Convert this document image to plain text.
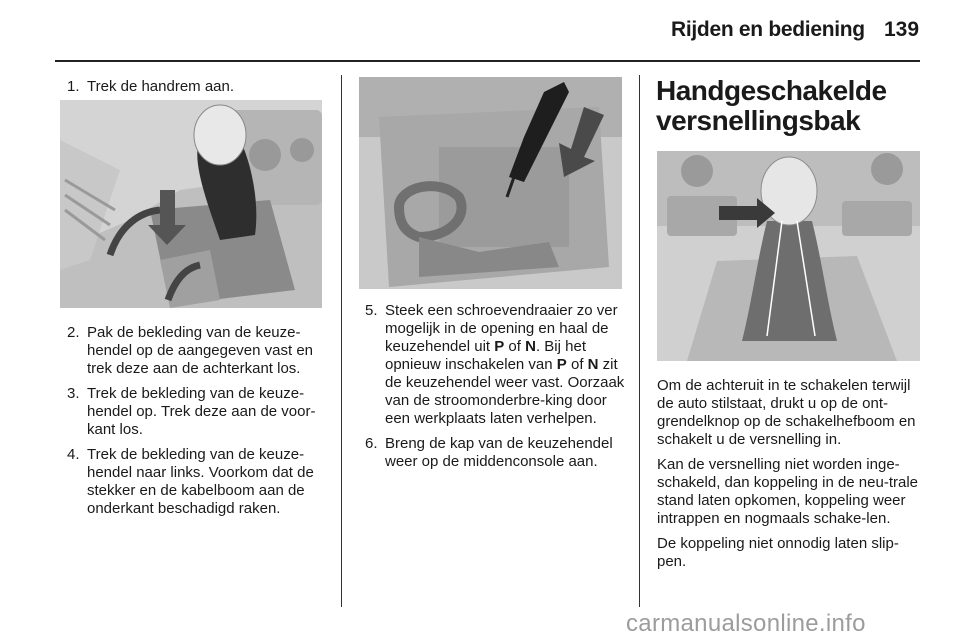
Rijden en bediening 139
1. Trek de handrem aan.
2. Pak de bekleding van de keuze-hendel op de aangegeven vast en trek deze aan de achterkant los.
3. Trek de bekleding van de keuze-hendel op. Trek deze aan de voor-kant los.
4. Trek de bekleding van de keuze-hendel naar links. Voorkom dat de stekker en de kabelboom aan de onderkant beschadigd raken.
5. Steek een schroevendraaier zo ver mogelijk in de opening en haal de keuzehendel uit P of N. Bij het opnieuw inschakelen van P of N zit de keuzehendel weer vast. Oorzaak van de stroomonderbre-king door een werkplaats laten verhelpen.
6. Breng de kap van de keuzehendel weer op de middenconsole aan.
Handgeschakelde versnellingsbak

Om de achteruit in te schakelen terwijl de auto stilstaat, drukt u op de ont-grendelknop op de schakelhefboom en schakelt u de versnelling in.

Kan de versnelling niet worden inge-schakeld, dan koppeling in de neu-trale stand laten opkomen, koppeling weer intrappen en nogmaals schake-len.

De koppeling niet onnodig laten slip-pen.

carmanualsonline.info
